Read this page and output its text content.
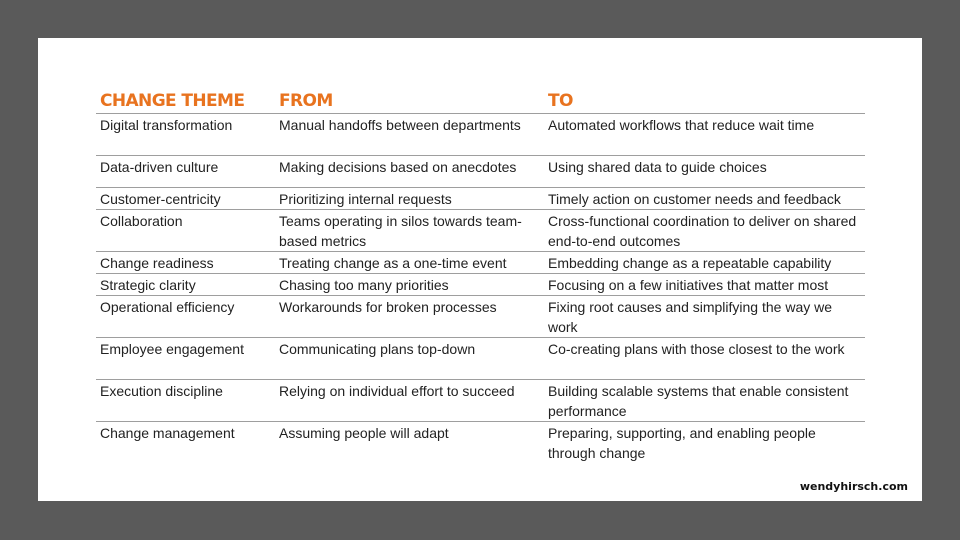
CHANGE THEME	FROM	TO
Digital transformation	Manual handoffs between departments	Automated workflows that reduce wait time
Data-driven culture	Making decisions based on anecdotes	Using shared data to guide choices
Customer-centricity	Prioritizing internal requests	Timely action on customer needs and feedback
Collaboration	Teams operating in silos towards team-based metrics	Cross-functional coordination to deliver on shared end-to-end outcomes
Change readiness	Treating change as a one-time event	Embedding change as a repeatable capability
Strategic clarity	Chasing too many priorities	Focusing on a few initiatives that matter most
Operational efficiency	Workarounds for broken processes	Fixing root causes and simplifying the way we work
Employee engagement	Communicating plans top-down	Co-creating plans with those closest to the work
Execution discipline	Relying on individual effort to succeed	Building scalable systems that enable consistent performance
Change management	Assuming people will adapt	Preparing, supporting, and enabling people through change
wendyhirsch.com
